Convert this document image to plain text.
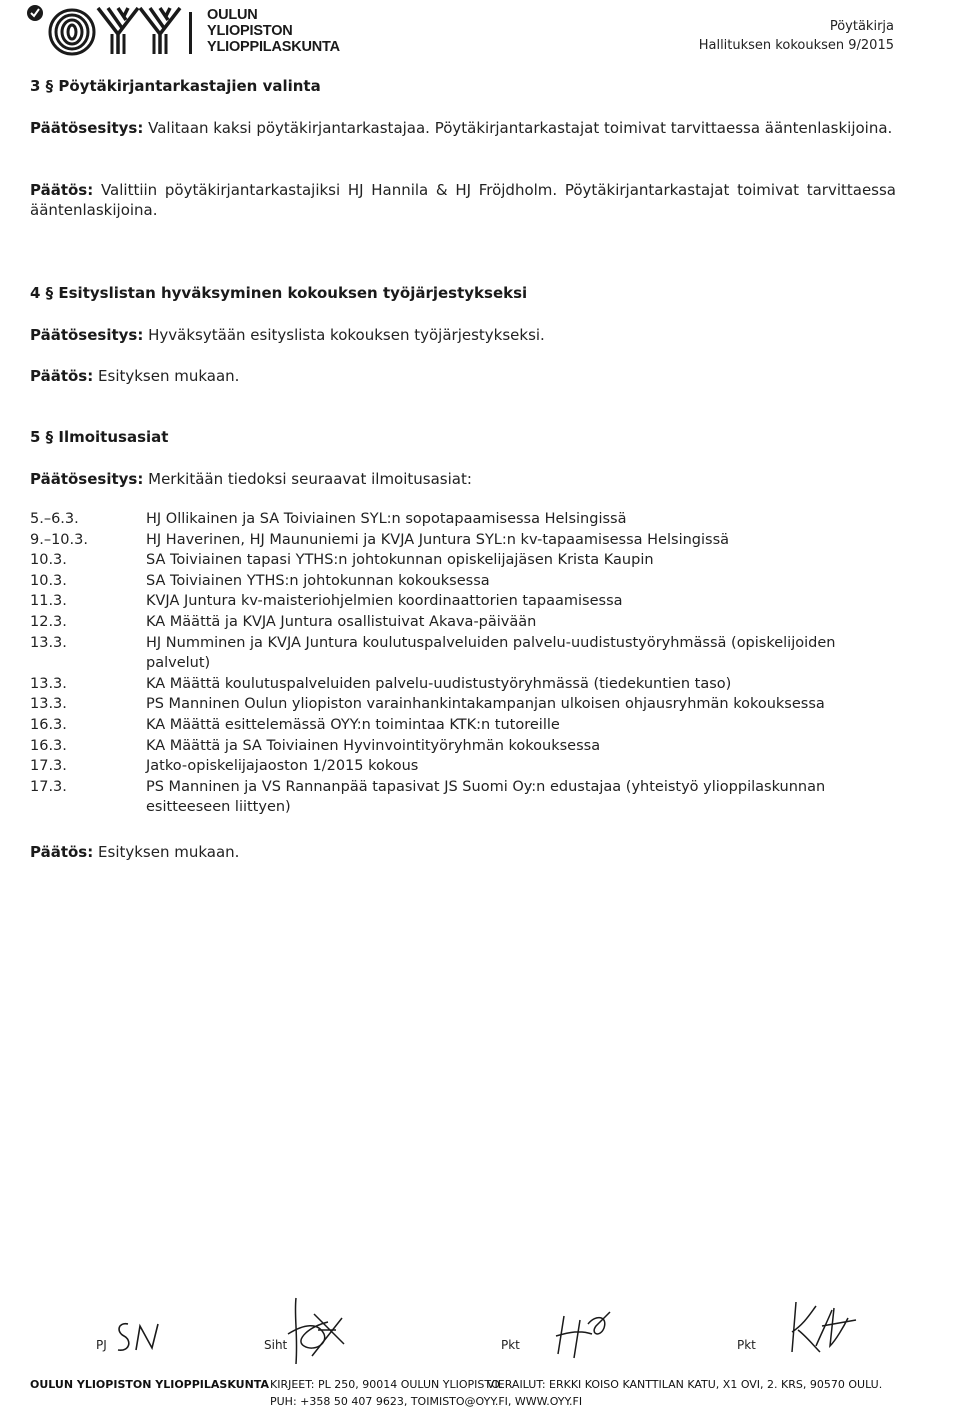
OULUN
YLIOPISTON
YLIOPPILASKUNTA
Pöytäkirja
Hallituksen kokouksen 9/2015
3 § Pöytäkirjantarkastajien valinta
Päätösesitys: Valitaan kaksi pöytäkirjantarkastajaa. Pöytäkirjantarkastajat toimivat tarvittaessa ääntenlaskijoina.
Päätös: Valittiin pöytäkirjantarkastajiksi HJ Hannila & HJ Fröjdholm. Pöytäkirjantarkastajat toimivat tarvittaessa ääntenlaskijoina.
4 § Esityslistan hyväksyminen kokouksen työjärjestykseksi
Päätösesitys: Hyväksytään esityslista kokouksen työjärjestykseksi.
Päätös: Esityksen mukaan.
5 § Ilmoitusasiat
Päätösesitys: Merkitään tiedoksi seuraavat ilmoitusasiat:
5.–6.3.	HJ Ollikainen ja SA Toiviainen SYL:n sopotapaamisessa Helsingissä
9.–10.3.	HJ Haverinen, HJ Maununiemi ja KVJA Juntura SYL:n kv-tapaamisessa Helsingissä
10.3.	SA Toiviainen tapasi YTHS:n johtokunnan opiskelijajäsen Krista Kaupin
10.3.	SA Toiviainen YTHS:n johtokunnan kokouksessa
11.3.	KVJA Juntura kv-maisteriohjelmien koordinaattorien tapaamisessa
12.3.	KA Määttä ja KVJA Juntura osallistuivat Akava-päivään
13.3.	HJ Numminen ja KVJA Juntura koulutuspalveluiden palvelu-uudistustyöryhmässä (opiskelijoiden palvelut)
13.3.	KA Määttä koulutuspalveluiden palvelu-uudistustyöryhmässä (tiedekuntien taso)
13.3.	PS Manninen Oulun yliopiston varainhankintakampanjan ulkoisen ohjausryhmän kokouksessa
16.3.	KA Määttä esittelemässä OYY:n toimintaa KTK:n tutoreille
16.3.	KA Määttä ja SA Toiviainen Hyvinvointityöryhmän kokouksessa
17.3.	Jatko-opiskelijajaoston 1/2015 kokous
17.3.	PS Manninen ja VS Rannanpää tapasivat JS Suomi Oy:n edustajaa (yhteistyö ylioppilaskunnan esitteeseen liittyen)
Päätös: Esityksen mukaan.
PJ	Siht	Pkt	Pkt
OULUN YLIOPISTON YLIOPPILASKUNTA KIRJEET: PL 250, 90014 OULUN YLIOPISTO.
VIERAILUT: ERKKI KOISO KANTTILAN KATU, X1 OVI, 2. KRS, 90570 OULU.
PUH: +358 50 407 9623, TOIMISTO@OYY.FI, WWW.OYY.FI
